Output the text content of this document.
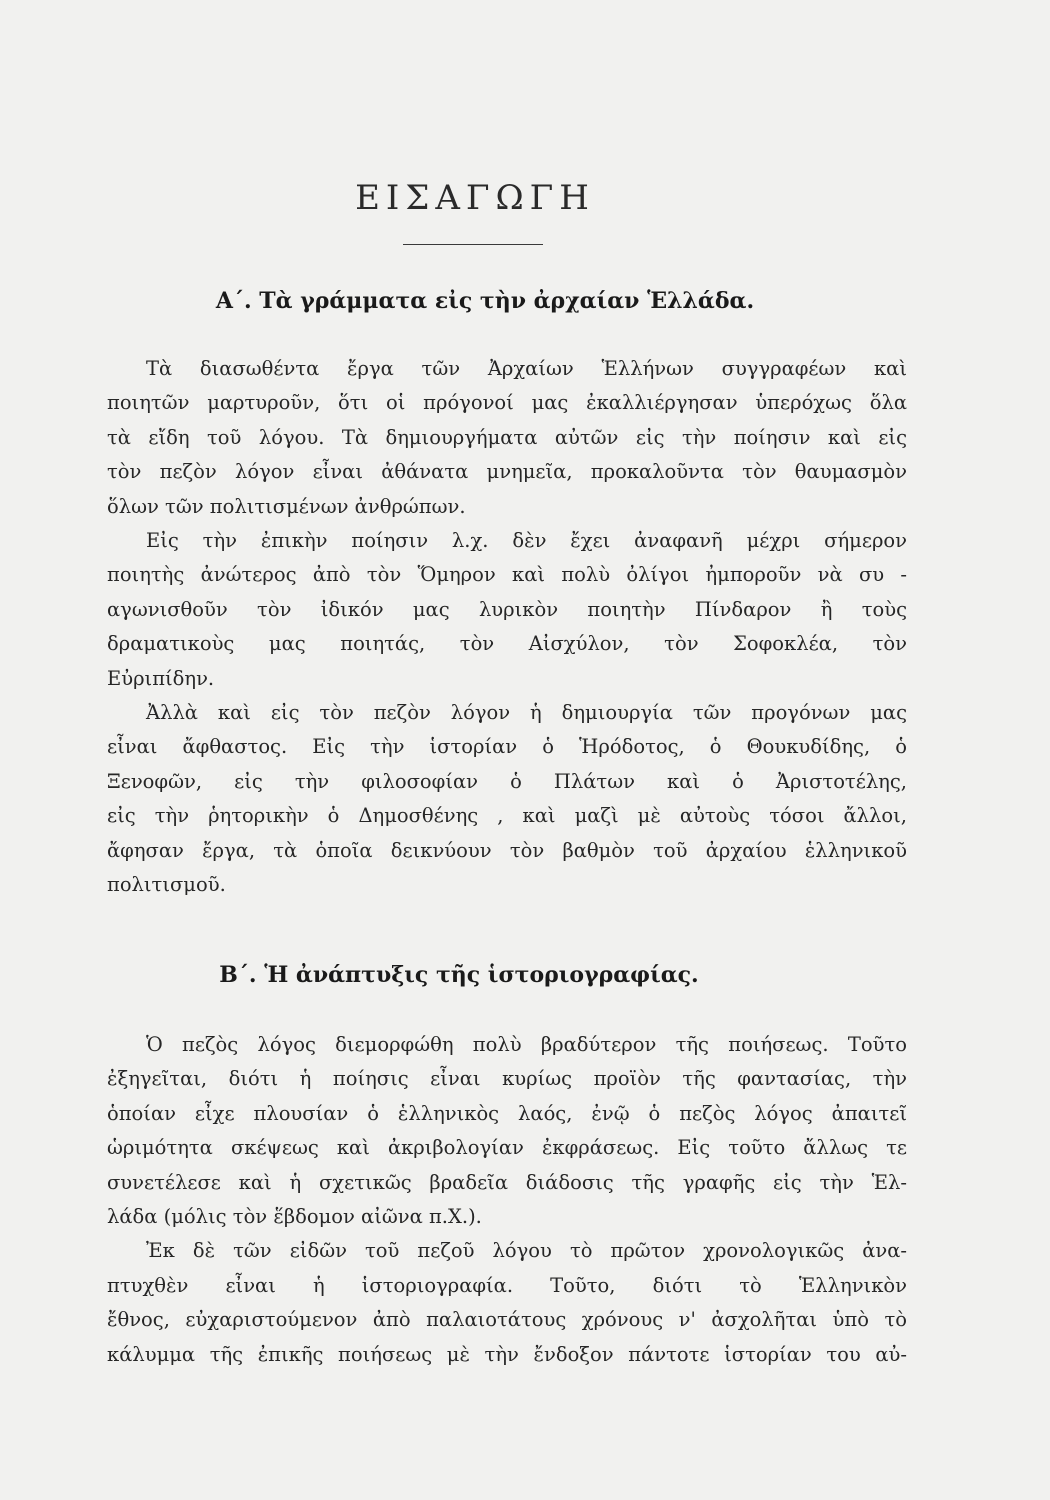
ΕΙΣΑΓΩΓΗ
Α΄. Τὰ γράμματα εἰς τὴν ἀρχαίαν Ἑλλάδα.
Τὰ διασωθέντα ἔργα τῶν Ἀρχαίων Ἑλλήνων συγγραφέων καὶ
ποιητῶν μαρτυροῦν, ὅτι οἱ πρόγονοί μας ἐκαλλιέργησαν ὑπερόχως ὅλα
τὰ εἴδη τοῦ λόγου. Τὰ δημιουργήματα αὐτῶν εἰς τὴν ποίησιν καὶ εἰς
τὸν πεζὸν λόγον εἶναι ἀθάνατα μνημεῖα, προκαλοῦντα τὸν θαυμασμὸν
ὅλων τῶν πολιτισμένων ἀνθρώπων.
Εἰς τὴν ἐπικὴν ποίησιν λ.χ. δὲν ἔχει ἀναφανῆ μέχρι σήμερον
ποιητὴς ἀνώτερος ἀπὸ τὸν Ὅμηρον καὶ πολὺ ὀλίγοι ἠμποροῦν νὰ συ -
αγωνισθοῦν τὸν ἰδικόν μας λυρικὸν ποιητὴν Πίνδαρον ἢ τοὺς
δραματικοὺς μας ποιητάς, τὸν Αἰσχύλον, τὸν Σοφοκλέα, τὸν
Εὐριπίδην.
Ἀλλὰ καὶ εἰς τὸν πεζὸν λόγον ἡ δημιουργία τῶν προγόνων μας
εἶναι ἄφθαστος. Εἰς τὴν ἱστορίαν ὁ Ἡρόδοτος, ὁ Θουκυδίδης, ὁ
Ξενοφῶν, εἰς τὴν φιλοσοφίαν ὁ Πλάτων καὶ ὁ Ἀριστοτέλης,
εἰς τὴν ῥητορικὴν ὁ Δημοσθένης , καὶ μαζὶ μὲ αὐτοὺς τόσοι ἄλλοι,
ἄφησαν ἔργα, τὰ ὁποῖα δεικνύουν τὸν βαθμὸν τοῦ ἀρχαίου ἑλληνικοῦ
πολιτισμοῦ.
Β΄. Ἡ ἀνάπτυξις τῆς ἱστοριογραφίας.
Ὁ πεζὸς λόγος διεμορφώθη πολὺ βραδύτερον τῆς ποιήσεως. Τοῦτο
ἐξηγεῖται, διότι ἡ ποίησις εἶναι κυρίως προϊὸν τῆς φαντασίας, τὴν
ὁποίαν εἶχε πλουσίαν ὁ ἑλληνικὸς λαός, ἐνῷ ὁ πεζὸς λόγος ἀπαιτεῖ
ὡριμότητα σκέψεως καὶ ἀκριβολογίαν ἐκφράσεως. Εἰς τοῦτο ἄλλως τε
συνετέλεσε καὶ ἡ σχετικῶς βραδεῖα διάδοσις τῆς γραφῆς εἰς τὴν Ἑλ-
λάδα (μόλις τὸν ἕβδομον αἰῶνα π.Χ.).
Ἐκ δὲ τῶν εἰδῶν τοῦ πεζοῦ λόγου τὸ πρῶτον χρονολογικῶς ἀνα-
πτυχθὲν εἶναι ἡ ἱστοριογραφία. Τοῦτο, διότι τὸ Ἑλληνικὸν
ἔθνος, εὐχαριστούμενον ἀπὸ παλαιοτάτους χρόνους ν' ἀσχολῆται ὑπὸ τὸ
κάλυμμα τῆς ἐπικῆς ποιήσεως μὲ τὴν ἔνδοξον πάντοτε ἱστορίαν του αὐ-
